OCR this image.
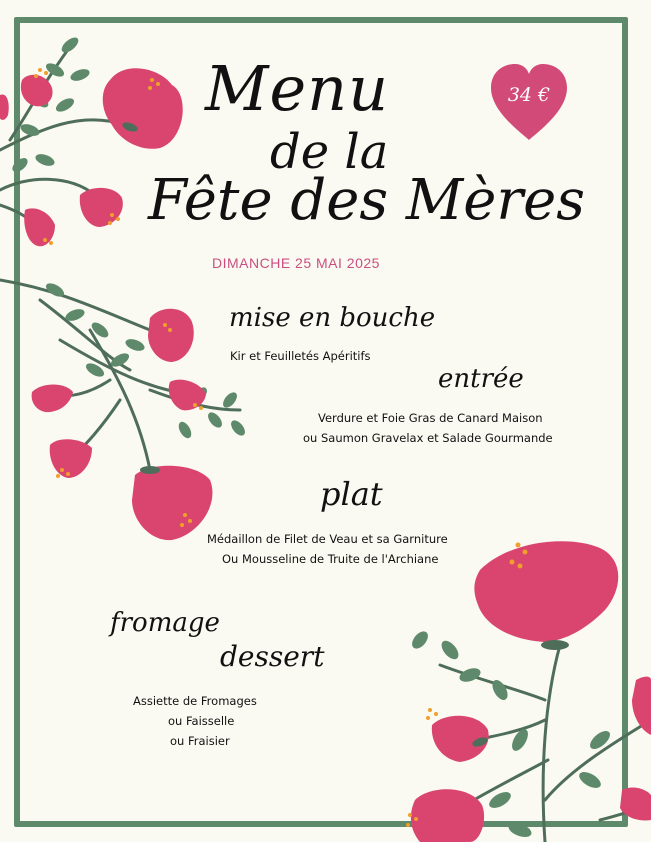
Menu
de la
Fête des Mères
34 €
DIMANCHE 25 MAI 2025
mise en bouche
Kir et Feuilletés Apéritifs
entrée
Verdure et Foie Gras de Canard Maison
ou Saumon Gravelax et Salade Gourmande
plat
Médaillon de Filet de Veau et sa Garniture
Ou Mousseline de Truite de l'Archiane
fromage
dessert
Assiette de Fromages
ou Faisselle
ou Fraisier
